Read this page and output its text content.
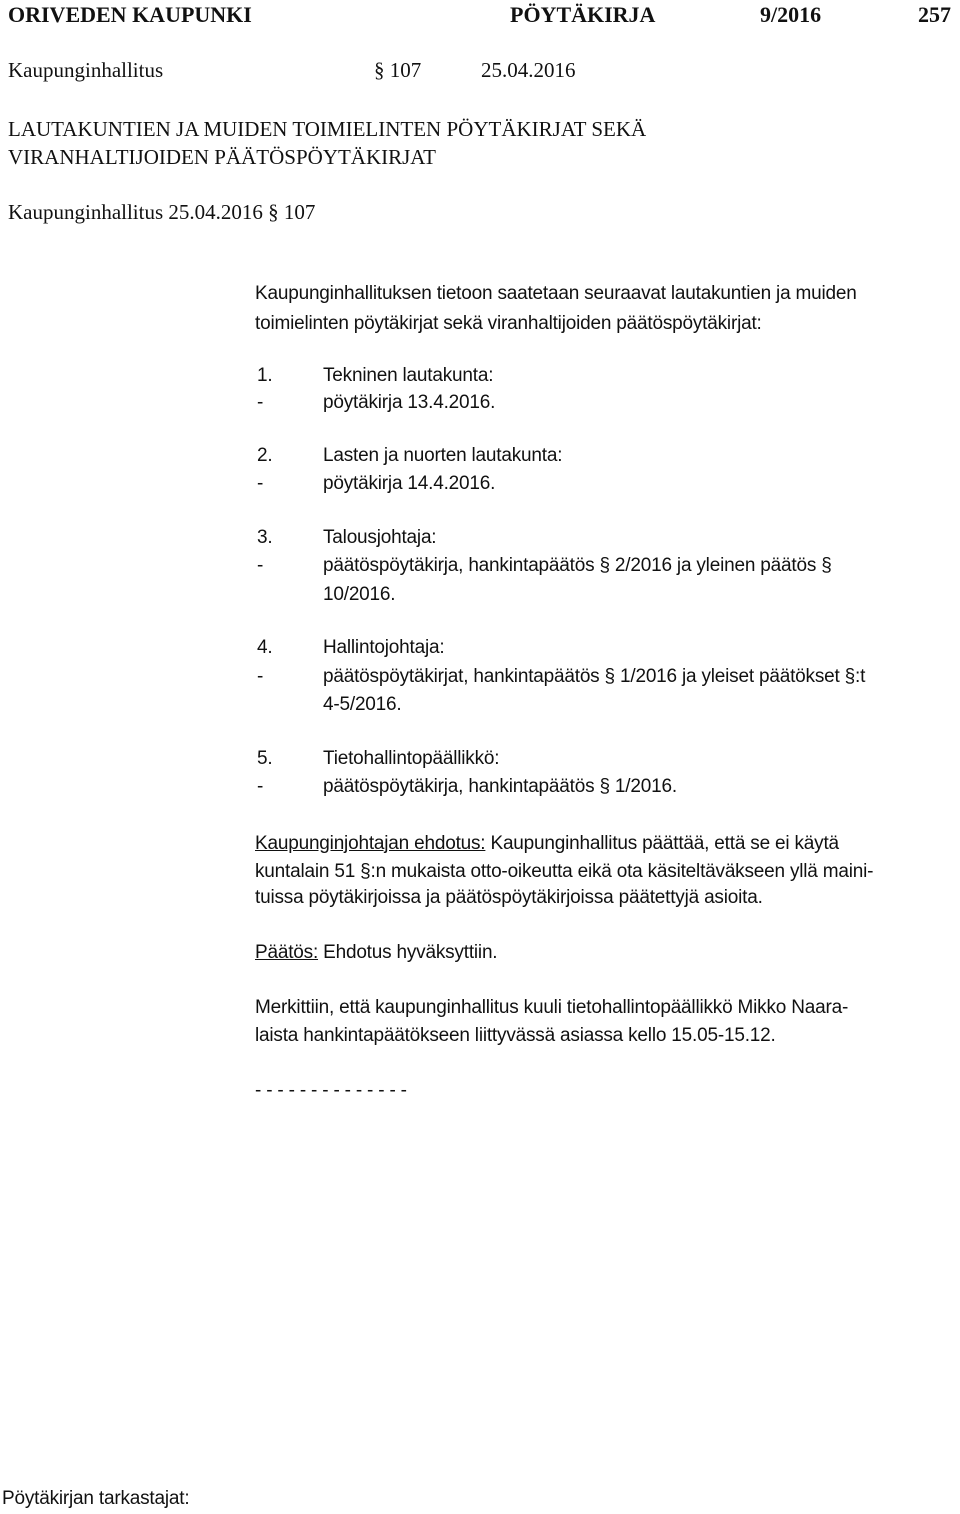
ORIVEDEN KAUPUNKI	PÖYTÄKIRJA	9/2016	257
Kaupunginhallitus	§ 107	25.04.2016
LAUTAKUNTIEN JA MUIDEN TOIMIELINTEN PÖYTÄKIRJAT SEKÄ
VIRANHALTIJOIDEN PÄÄTÖSPÖYTÄKIRJAT
Kaupunginhallitus 25.04.2016 § 107
Kaupunginhallituksen tietoon saatetaan seuraavat lautakuntien ja muiden
toimielinten pöytäkirjat sekä viranhaltijoiden päätöspöytäkirjat:
1.	Tekninen lautakunta:
-	pöytäkirja 13.4.2016.
2.	Lasten ja nuorten lautakunta:
-	pöytäkirja 14.4.2016.
3.	Talousjohtaja:
-	päätöspöytäkirja, hankintapäätös § 2/2016 ja yleinen päätös §
10/2016.
4.	Hallintojohtaja:
-	päätöspöytäkirjat, hankintapäätös § 1/2016 ja yleiset päätökset §:t
4-5/2016.
5.	Tietohallintopäällikkö:
-	päätöspöytäkirja, hankintapäätös § 1/2016.
Kaupunginjohtajan ehdotus: Kaupunginhallitus päättää, että se ei käytä
kuntalain 51 §:n mukaista otto-oikeutta eikä ota käsiteltäväkseen yllä maini-
tuissa pöytäkirjoissa ja päätöspöytäkirjoissa päätettyjä asioita.
Päätös: Ehdotus hyväksyttiin.
Merkittiin, että kaupunginhallitus kuuli tietohallintopäällikkö Mikko Naara-
laista hankintapäätökseen liittyvässä asiassa kello 15.05-15.12.
- - - - - - - - - - - - - -
Pöytäkirjan tarkastajat:
